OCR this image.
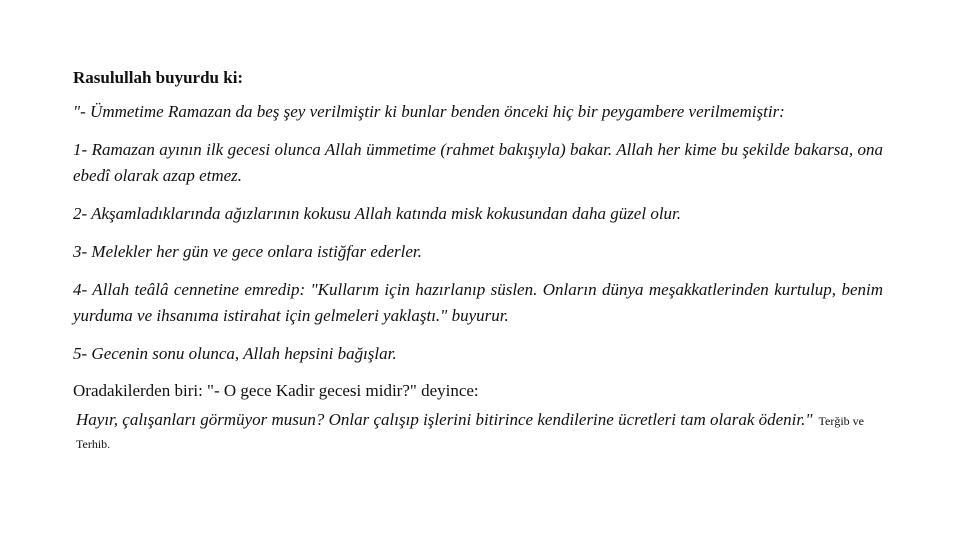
Rasulullah buyurdu ki:

"- Ümmetime Ramazan da beş şey verilmiştir ki bunlar benden önceki hiç bir peygambere verilmemiştir:

1- Ramazan ayının ilk gecesi olunca Allah ümmetime (rahmet bakışıyla) bakar. Allah her kime bu şekilde bakarsa, ona ebedî olarak azap etmez.

2- Akşamladıklarında ağızlarının kokusu Allah katında misk kokusundan daha güzel olur.

3- Melekler her gün ve gece onlara istiğfar ederler.

4- Allah teâlâ cennetine emredip: "Kullarım için hazırlanıp süslen. Onların dünya meşakkatlerinden kurtulup, benim yurduma ve ihsanıma istirahat için gelmeleri yaklaştı." buyurur.

5- Gecenin sonu olunca, Allah hepsini bağışlar.

Oradakilerden biri: "- O gece Kadir gecesi midir?" deyince:

Hayır, çalışanları görmüyor musun? Onlar çalışıp işlerini bitirince kendilerine ücretleri tam olarak ödenir." Terğib ve Terhib.
